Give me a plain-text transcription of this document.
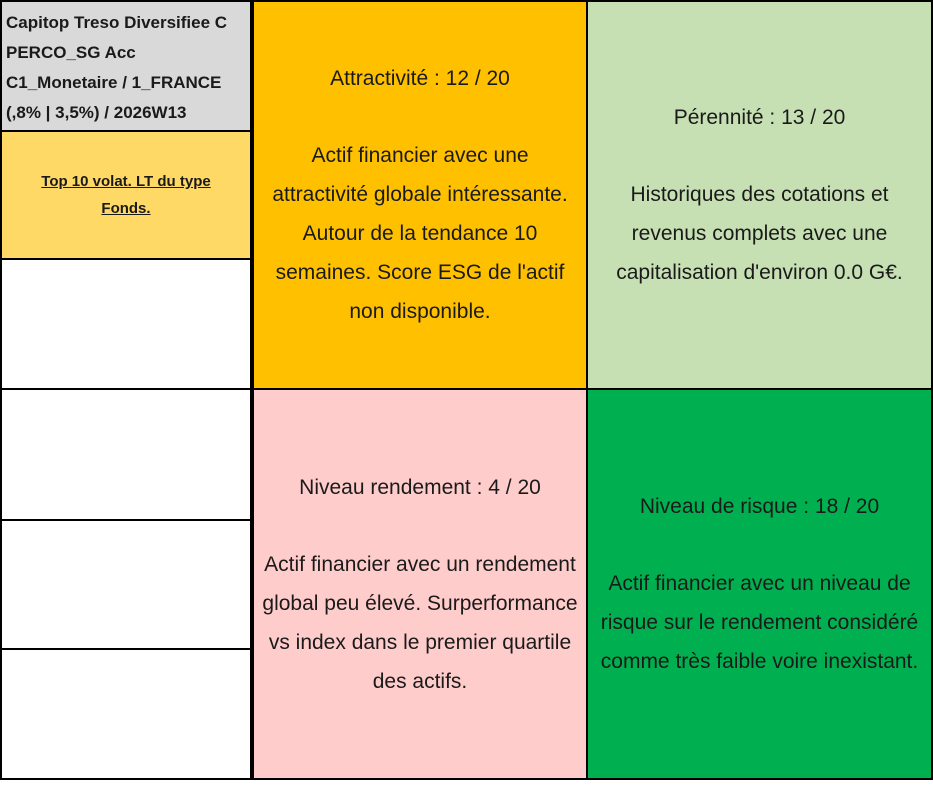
Capitop Treso Diversifiee C
PERCO_SG Acc
C1_Monetaire / 1_FRANCE
(,8% | 3,5%) / 2026W13
Top 10 volat. LT du type Fonds.
Attractivité : 12 / 20
Actif financier avec une attractivité globale intéressante. Autour de la tendance 10 semaines. Score ESG de l'actif non disponible.
Pérennité : 13 / 20
Historiques des cotations et revenus complets avec une capitalisation d'environ 0.0 G€.
Niveau rendement : 4 / 20
Actif financier avec un rendement global peu élevé. Surperformance vs index dans le premier quartile des actifs.
Niveau de risque : 18 / 20
Actif financier avec un niveau de risque sur le rendement considéré comme très faible voire inexistant.
